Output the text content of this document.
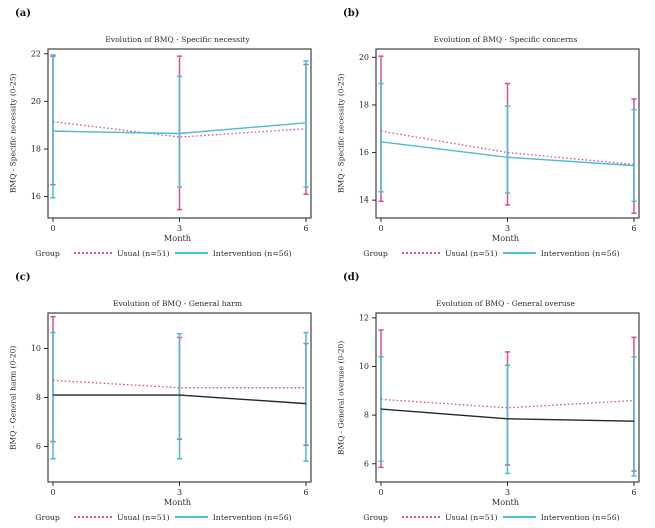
16
18
20
22
0	3	6
(a)
Evolution of BMQ - Specific necessity
BMQ - Specific necessity (0-25)
Month
Group	Usual (n=51)	Intervention (n=56)
14
16
18
20
0	3	6
(b)
Evolution of BMQ - Specific concerns
BMQ - Specific necessity (0-25)
Month
Group	Usual (n=51)	Intervention (n=56)
6
8
10
0	3	6
(c)
Evolution of BMQ - General harm
BMQ - General harm (0-20)
Month
Group	Usual (n=51)	Intervention (n=56)
6
8
10
12
0	3	6
(d)
Evolution of BMQ - General overuse
BMQ - General overuse (0-20)
Month
Group	Usual (n=51)	Intervention (n=56)
